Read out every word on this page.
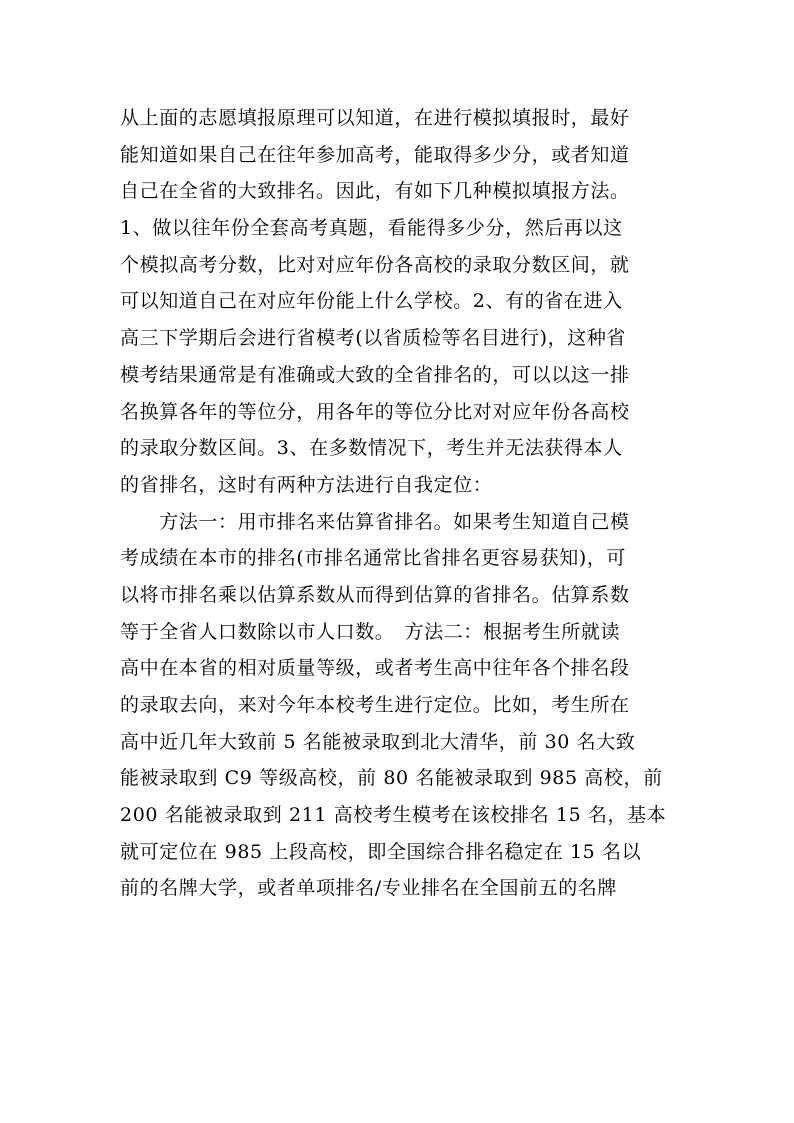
从上面的志愿填报原理可以知道，在进行模拟填报时，最好
能知道如果自己在往年参加高考，能取得多少分，或者知道
自己在全省的大致排名。因此，有如下几种模拟填报方法。
1、做以往年份全套高考真题，看能得多少分，然后再以这
个模拟高考分数，比对对应年份各高校的录取分数区间，就
可以知道自己在对应年份能上什么学校。2、有的省在进入
高三下学期后会进行省模考(以省质检等名目进行)，这种省
模考结果通常是有准确或大致的全省排名的，可以以这一排
名换算各年的等位分，用各年的等位分比对对应年份各高校
的录取分数区间。3、在多数情况下，考生并无法获得本人
的省排名，这时有两种方法进行自我定位：
　　方法一：用市排名来估算省排名。如果考生知道自己模
考成绩在本市的排名(市排名通常比省排名更容易获知)，可
以将市排名乘以估算系数从而得到估算的省排名。估算系数
等于全省人口数除以市人口数。　方法二：根据考生所就读
高中在本省的相对质量等级，或者考生高中往年各个排名段
的录取去向，来对今年本校考生进行定位。比如，考生所在
高中近几年大致前 5 名能被录取到北大清华，前 30 名大致
能被录取到 C9 等级高校，前 80 名能被录取到 985 高校，前
200 名能被录取到 211 高校考生模考在该校排名 15 名，基本
就可定位在 985 上段高校，即全国综合排名稳定在 15 名以
前的名牌大学，或者单项排名/专业排名在全国前五的名牌
